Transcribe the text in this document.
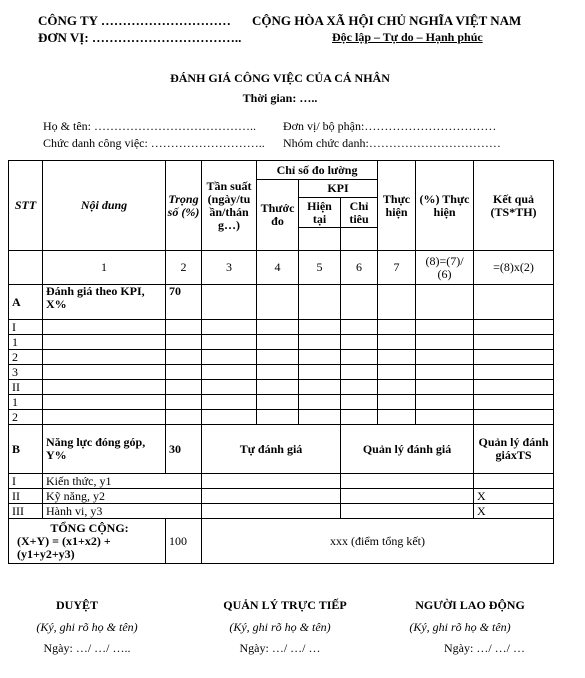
CÔNG TY …………………………
ĐƠN VỊ: ……………………………..
CỘNG HÒA XÃ HỘI CHỦ NGHĨA VIỆT NAM
Độc lập – Tự do – Hạnh phúc
ĐÁNH GIÁ CÔNG VIỆC CỦA CÁ NHÂN
Thời gian: …..
Họ & tên: ………………………………….. Đơn vị/ bộ phận:……………………………
Chức danh công việc: ……………………….. Nhóm chức danh:……………………………
STT	Nội dung	Trọng số (%)	Tần suất (ngày/tuần/tháng…)	Chỉ số đo lường			Thực hiện	(%) Thực hiện	Kết quả (TS*TH)
				Thước đo	KPI				
					Hiện tại	Chỉ tiêu			

	1	2	3	4	5	6	7	(8)=(7)/(6)	=(8)x(2)
A	Đánh giá theo KPI, X%	70							
I									
1									
2									
3									
II									
1									
2									
B	Năng lực đóng góp, Y%	30	Tự đánh giá			Quản lý đánh giá			Quản lý đánh giáxTS
I	Kiến thức, y1								
II	Kỹ năng, y2								X
III	Hành vi, y3								X

TỔNG CỘNG:
(X+Y) = (x1+x2) + (y1+y2+y3)		100	xxx (điểm tổng kết)						
DUYỆT
(Ký, ghi rõ họ & tên)
Ngày: …/ …/ …..
QUẢN LÝ TRỰC TIẾP
(Ký, ghi rõ họ & tên)
Ngày: …/ …/ …
NGƯỜI LAO ĐỘNG
(Ký, ghi rõ họ & tên)
Ngày: …/ …/ …
